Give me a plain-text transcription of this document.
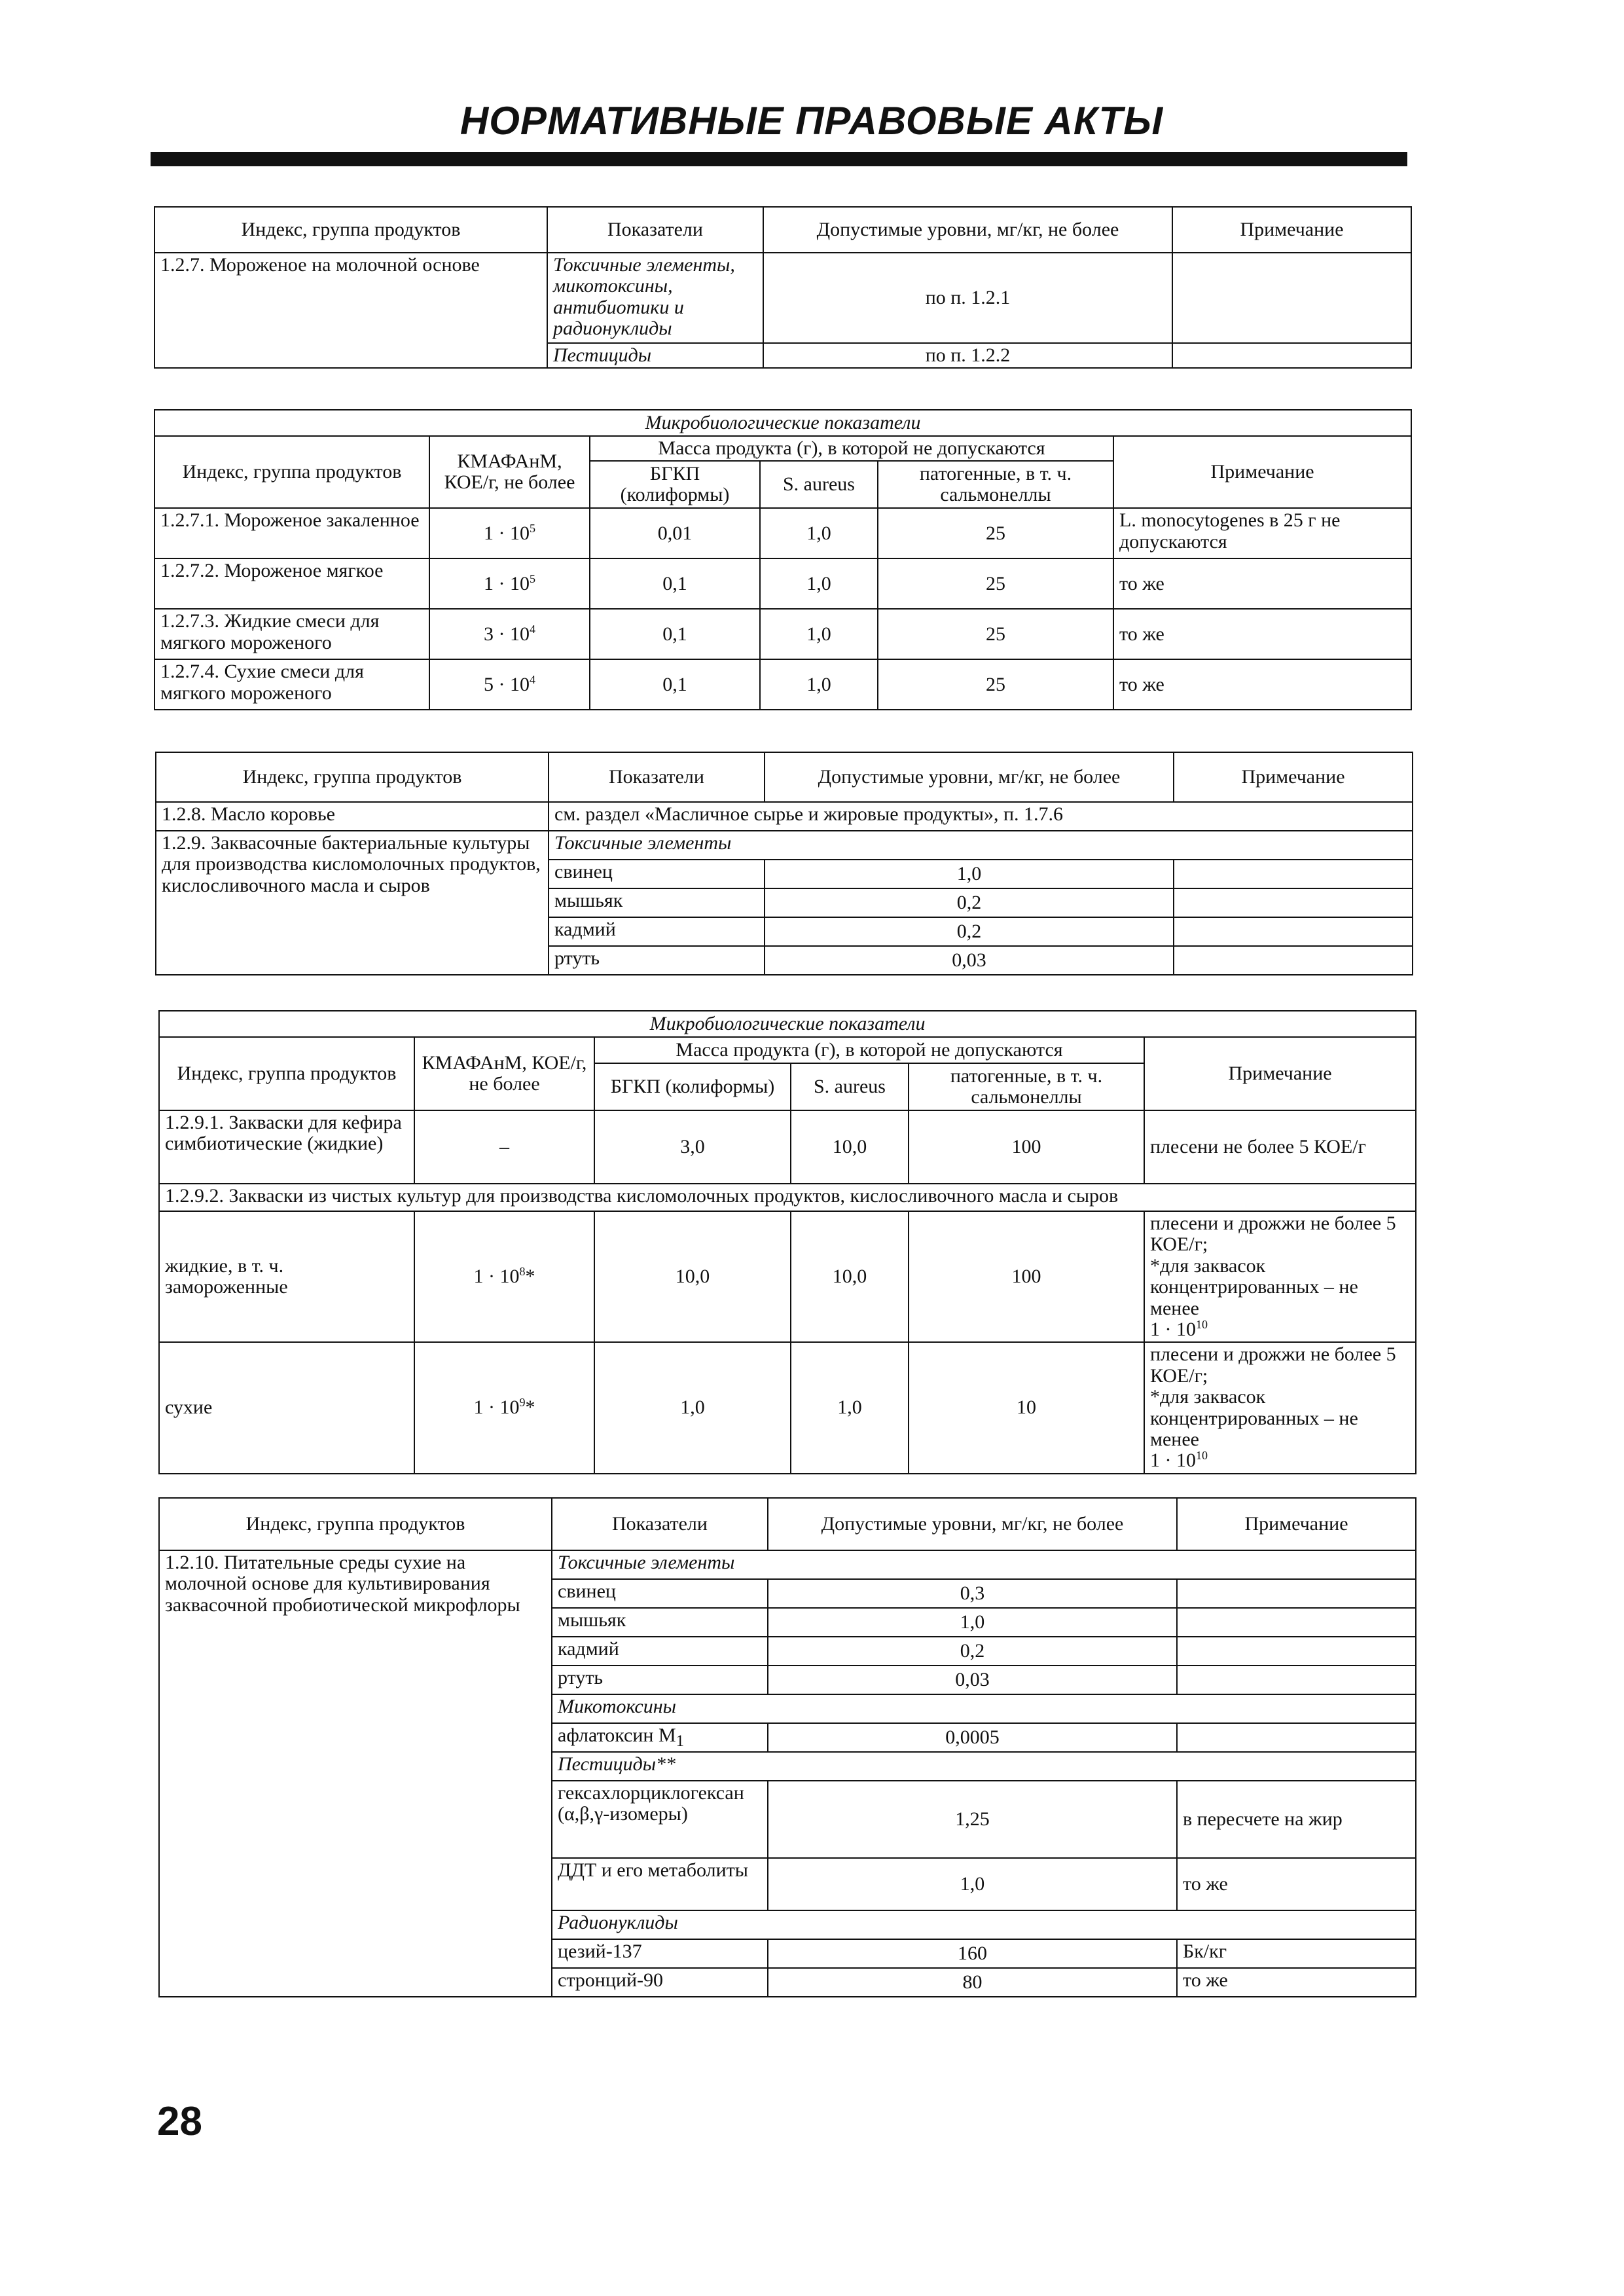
НОРМАТИВНЫЕ ПРАВОВЫЕ АКТЫ
Индекс, группа продуктов	Показатели	Допустимые уровни, мг/кг, не более	Примечание
1.2.7. Мороженое на молочной основе	Токсичные элементы, микотоксины, антибиотики и радионуклиды	по п. 1.2.1	
	Пестициды	по п. 1.2.2	
Микробиологические показатели					
Индекс, группа продуктов	КМАФАнМ, КОЕ/г, не более	Масса продукта (г), в которой не допускаются			Примечание
		БГКП (колиформы)	S. aureus	патогенные, в т. ч. сальмонеллы	
1.2.7.1. Мороженое закаленное	$1 \cdot 10^5$	0,01	1,0	25	L. monocytogenes в 25 г не допускаются
1.2.7.2. Мороженое мягкое	$1 \cdot 10^5$	0,1	1,0	25	то же
1.2.7.3. Жидкие смеси для мягкого мороженого	$3 \cdot 10^4$	0,1	1,0	25	то же
1.2.7.4. Сухие смеси для мягкого мороженого	$5 \cdot 10^4$	0,1	1,0	25	то же
Индекс, группа продуктов	Показатели	Допустимые уровни, мг/кг, не более	Примечание
1.2.8. Масло коровье	см. раздел «Масличное сырье и жировые продукты», п. 1.7.6		
1.2.9. Заквасочные бактериальные культуры для производства кисломолочных продуктов, кислосливочного масла и сыров	Токсичные элементы		
	свинец	1,0	
	мышьяк	0,2	
	кадмий	0,2	
	ртуть	0,03	
Микробиологические показатели					
Индекс, группа продуктов	КМАФАнМ, КОЕ/г, не более	Масса продукта (г), в которой не допускаются			Примечание
		БГКП (колиформы)	S. aureus	патогенные, в т. ч. сальмонеллы	
1.2.9.1. Закваски для кефира симбиотические (жидкие)	–	3,0	10,0	100	плесени не более 5 КОЕ/г
1.2.9.2. Закваски из чистых культур для производства кисломолочных продуктов, кислосливочного масла и сыров					
жидкие, в т. ч. замороженные	$1 \cdot 10^8*$	10,0	10,0	100	плесени и дрожжи не более 5 КОЕ/г;
*для заквасок концентрированных – не менее
$1 \cdot 10^{10}$

сухие	$1 \cdot 10^9*$	1,0	1,0	10	плесени и дрожжи не более 5 КОЕ/г;
*для заквасок концентрированных – не менее
$1 \cdot 10^{10}$
Индекс, группа продуктов	Показатели	Допустимые уровни, мг/кг, не более	Примечание
1.2.10. Питательные среды сухие на молочной основе для культивирования заквасочной пробиотической микрофлоры	Токсичные элементы		
	свинец	0,3	
	мышьяк	1,0	
	кадмий	0,2	
	ртуть	0,03	
	Микотоксины		
	афлатоксин $M_1$	0,0005	
	Пестициды**		
	гексахлорциклогексан (α,β,γ-изомеры)	1,25	в пересчете на жир
	ДДТ и его метаболиты	1,0	то же
	Радионуклиды		
	цезий-137	160	Бк/кг
	стронций-90	80	то же
28
